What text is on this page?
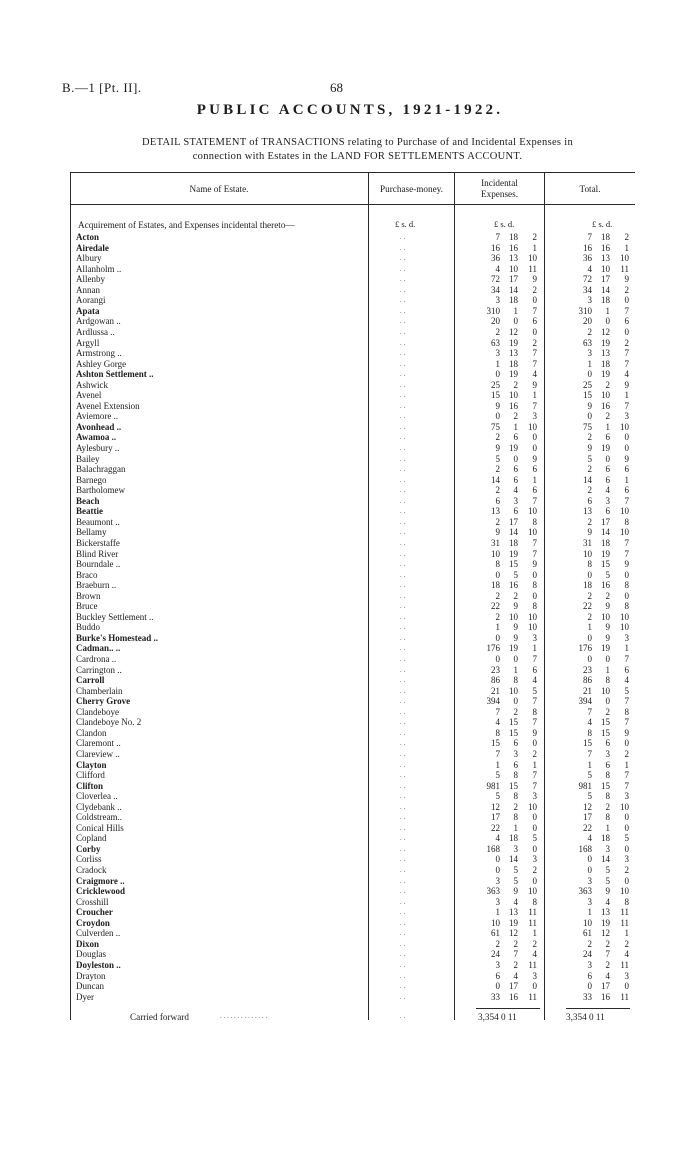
B.—1 [Pt. II].	68
PUBLIC ACCOUNTS, 1921-1922.
DETAIL STATEMENT of TRANSACTIONS relating to Purchase of and Incidental Expenses in
connection with Estates in the LAND FOR SETTLEMENTS ACCOUNT.
Name of Estate.	Purchase-money.
Incidental
Expenses.	Total.
£ s. d.	£ s. d.	£ s. d.
Acquirement of Estates, and Expenses incidental thereto—
Acton	. .	7 18 2	7 18 2
Airedale	. .	16 16 1	16 16 1
Albury	. .	36 13 10	36 13 10
Allanholm ..	. .	4 10 11	4 10 11
Allenby	. .	72 17 9	72 17 9
Annan	. .	34 14 2	34 14 2
Aorangi	. .	3 18 0	3 18 0
Apata	. .	310 1 7	310 1 7
Ardgowan ..	. .	20 0 6	20 0 6
Ardlussa ..	. .	2 12 0	2 12 0
Argyll	. .	63 19 2	63 19 2
Armstrong ..	. .	3 13 7	3 13 7
Ashley Gorge	. .	1 18 7	1 18 7
Ashton Settlement ..	. .	0 19 4	0 19 4
Ashwick	. .	25 2 9	25 2 9
Avenel	. .	15 10 1	15 10 1
Avenel Extension	. .	9 16 7	9 16 7
Aviemore ..	. .	0 2 3	0 2 3
Avonhead ..	. .	75 1 10	75 1 10
Awamoa ..	. .	2 6 0	2 6 0
Aylesbury ..	. .	9 19 0	9 19 0
Bailey	. .	5 0 9	5 0 9
Balachraggan	. .	2 6 6	2 6 6
Barnego	. .	14 6 1	14 6 1
Bartholomew	. .	2 4 6	2 4 6
Beach	. .	6 3 7	6 3 7
Beattie	. .	13 6 10	13 6 10
Beaumont ..	. .	2 17 8	2 17 8
Bellamy	. .	9 14 10	9 14 10
Bickerstaffe	. .	31 18 7	31 18 7
Blind River	. .	10 19 7	10 19 7
Bourndale ..	. .	8 15 9	8 15 9
Braco	. .	0 5 0	0 5 0
Braeburn ..	. .	18 16 8	18 16 8
Brown	. .	2 2 0	2 2 0
Bruce	. .	22 9 8	22 9 8
Buckley Settlement ..	. .	2 10 10	2 10 10
Buddo	. .	1 9 10	1 9 10
Burke's Homestead ..	. .	0 9 3	0 9 3
Cadman.. ..	. .	176 19 1	176 19 1
Cardrona ..	. .	0 0 7	0 0 7
Carrington ..	. .	23 1 6	23 1 6
Carroll	. .	86 8 4	86 8 4
Chamberlain	. .	21 10 5	21 10 5
Cherry Grove	. .	394 0 7	394 0 7
Clandeboye	. .	7 2 8	7 2 8
Clandeboye No. 2	. .	4 15 7	4 15 7
Clandon	. .	8 15 9	8 15 9
Claremont ..	. .	15 6 0	15 6 0
Clareview ..	. .	7 3 2	7 3 2
Clayton	. .	1 6 1	1 6 1
Clifford	. .	5 8 7	5 8 7
Clifton	. .	981 15 7	981 15 7
Cloverlea ..	. .	5 8 3	5 8 3
Clydebank ..	. .	12 2 10	12 2 10
Coldstream..	. .	17 8 0	17 8 0
Conical Hills	. .	22 1 0	22 1 0
Copland	. .	4 18 5	4 18 5
Corby	. .	168 3 0	168 3 0
Corliss	. .	0 14 3	0 14 3
Cradock	. .	0 5 2	0 5 2
Craigmore ..	. .	3 5 0	3 5 0
Cricklewood	. .	363 9 10	363 9 10
Crosshill	. .	3 4 8	3 4 8
Croucher	. .	1 13 11	1 13 11
Croydon	. .	10 19 11	10 19 11
Culverden ..	. .	61 12 1	61 12 1
Dixon	. .	2 2 2	2 2 2
Douglas	. .	24 7 4	24 7 4
Doyleston ..	. .	3 2 11	3 2 11
Drayton	. .	6 4 3	6 4 3
Duncan	. .	0 17 0	0 17 0
Dyer	. .	33 16 11	33 16 11
Carried forward	. . . . . . . . . . . . . .	. .	3,354 0 11	3,354 0 11
